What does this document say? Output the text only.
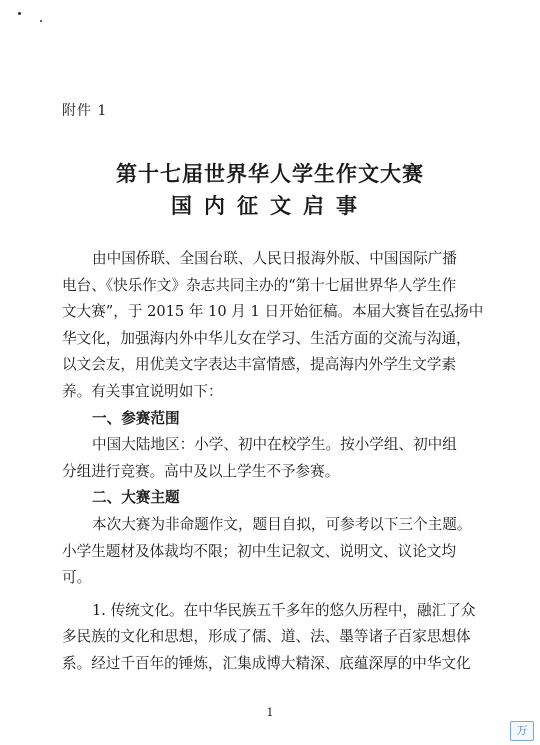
附件 1
第十七届世界华人学生作文大赛
国内征文启事
由中国侨联、全国台联、人民日报海外版、中国国际广播
电台、《快乐作文》杂志共同主办的“第十七届世界华人学生作
文大赛”，于 2015 年 10 月 1 日开始征稿。本届大赛旨在弘扬中
华文化，加强海内外中华儿女在学习、生活方面的交流与沟通，
以文会友，用优美文字表达丰富情感，提高海内外学生文学素
养。有关事宜说明如下：
一、参赛范围
中国大陆地区：小学、初中在校学生。按小学组、初中组
分组进行竞赛。高中及以上学生不予参赛。
二、大赛主题
本次大赛为非命题作文，题目自拟，可参考以下三个主题。
小学生题材及体裁均不限；初中生记叙文、说明文、议论文均
可。
1. 传统文化。在中华民族五千多年的悠久历程中，融汇了众
多民族的文化和思想，形成了儒、道、法、墨等诸子百家思想体
系。经过千百年的锤炼，汇集成博大精深、底蕴深厚的中华文化
1
万
